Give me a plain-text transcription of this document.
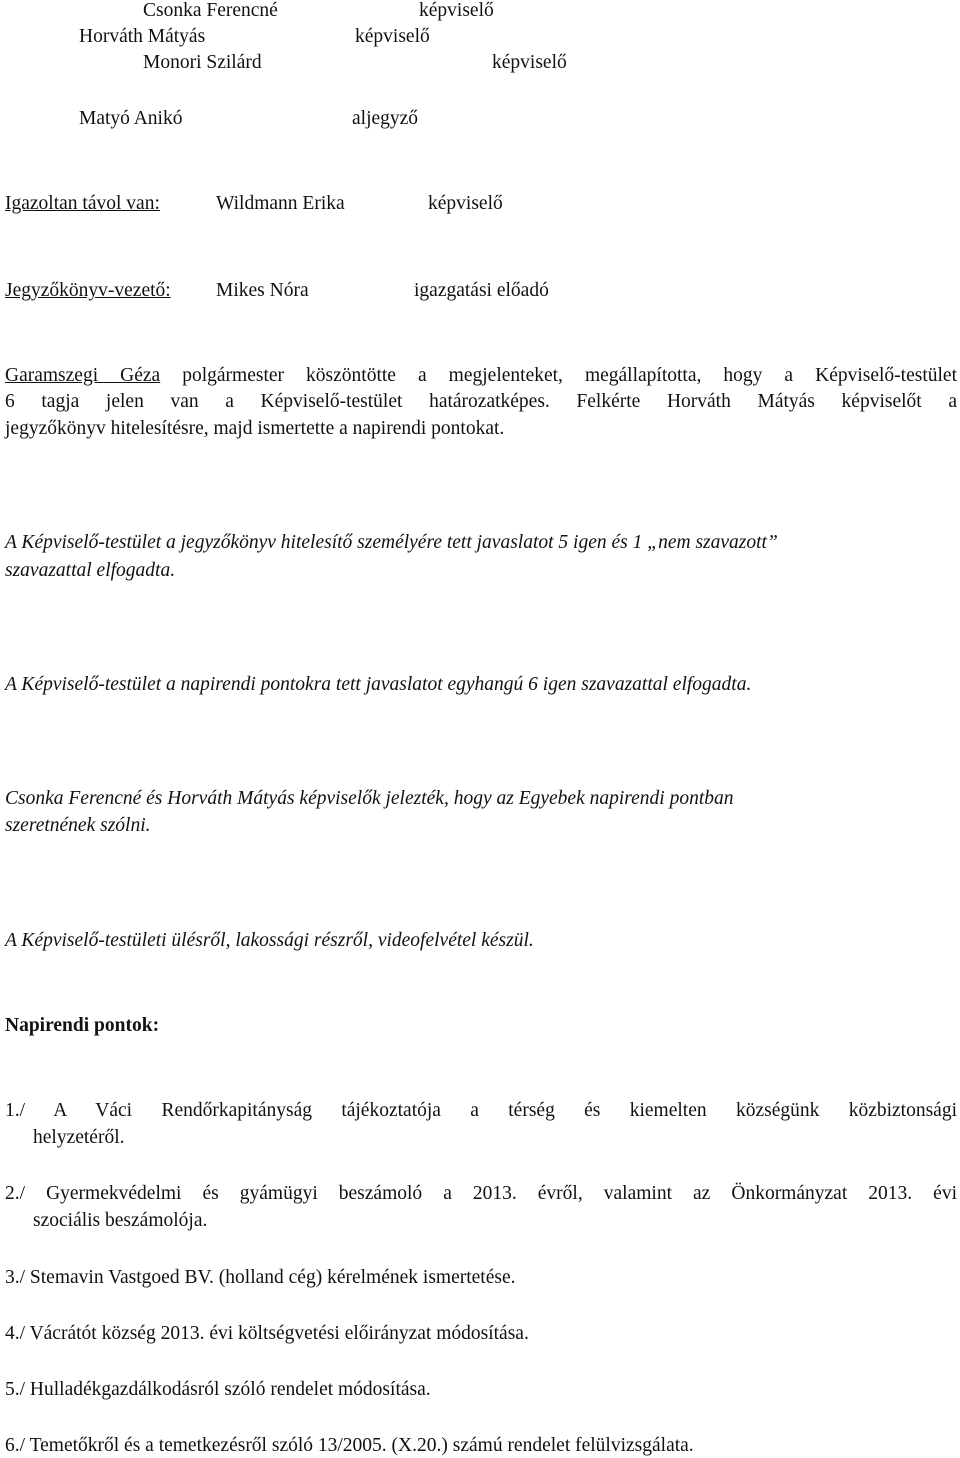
Csonka Ferencné	képviselő
Horváth Mátyás	képviselő
Monori Szilárd	képviselő
Matyó Anikó	aljegyző
Igazoltan távol van:	Wildmann Erika	képviselő
Jegyzőkönyv-vezető: Mikes Nóra	igazgatási előadó
Garamszegi Géza polgármester köszöntötte a megjelenteket, megállapította, hogy a Képviselő-testület
6 tagja jelen van a Képviselő-testület határozatképes. Felkérte Horváth Mátyás képviselőt a
jegyzőkönyv hitelesítésre, majd ismertette a napirendi pontokat.
A Képviselő-testület a jegyzőkönyv hitelesítő személyére tett javaslatot 5 igen és 1 „nem szavazott”
szavazattal elfogadta.
A Képviselő-testület a napirendi pontokra tett javaslatot egyhangú 6 igen szavazattal elfogadta.
Csonka Ferencné és Horváth Mátyás képviselők jelezték, hogy az Egyebek napirendi pontban
szeretnének szólni.
A Képviselő-testületi ülésről, lakossági részről, videofelvétel készül.
Napirendi pontok:
1./ A Váci Rendőrkapitányság tájékoztatója a térség és kiemelten községünk közbiztonsági
helyzetéről.
2./ Gyermekvédelmi és gyámügyi beszámoló a 2013. évről, valamint az Önkormányzat 2013. évi
szociális beszámolója.
3./ Stemavin Vastgoed BV. (holland cég) kérelmének ismertetése.
4./ Vácrátót község 2013. évi költségvetési előirányzat módosítása.
5./ Hulladékgazdálkodásról szóló rendelet módosítása.
6./ Temetőkről és a temetkezésről szóló 13/2005. (X.20.) számú rendelet felülvizsgálata.
